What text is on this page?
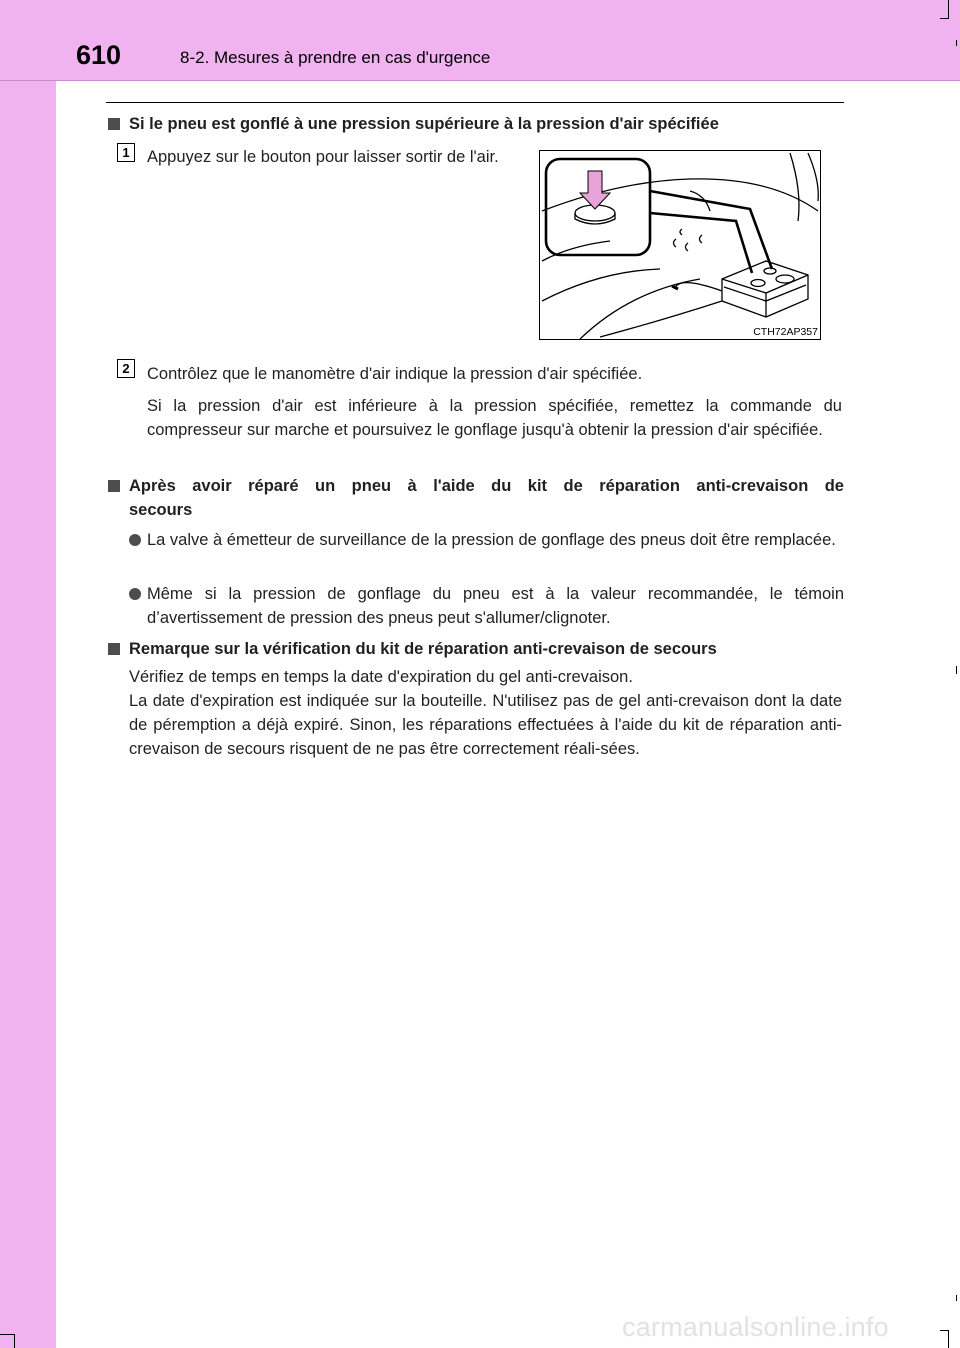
610	8-2. Mesures à prendre en cas d'urgence
Si le pneu est gonflé à une pression supérieure à la pression d'air spécifiée
1	Appuyez sur le bouton pour laisser sortir de l'air.
CTH72AP357
2	Contrôlez que le manomètre d'air indique la pression d'air spécifiée.
Si la pression d'air est inférieure à la pression spécifiée, remettez la commande du compresseur sur marche et poursuivez le gonflage jusqu'à obtenir la pression d'air spécifiée.
Après avoir réparé un pneu à l'aide du kit de réparation anti-crevaison de secours
La valve à émetteur de surveillance de la pression de gonflage des pneus doit être remplacée.
Même si la pression de gonflage du pneu est à la valeur recommandée, le témoin d’avertissement de pression des pneus peut s'allumer/clignoter.
Remarque sur la vérification du kit de réparation anti-crevaison de secours
Vérifiez de temps en temps la date d'expiration du gel anti-crevaison.
La date d'expiration est indiquée sur la bouteille. N'utilisez pas de gel anti-crevaison dont la date de péremption a déjà expiré. Sinon, les réparations effectuées à l'aide du kit de réparation anti-crevaison de secours risquent de ne pas être correctement réali-sées.
carmanualsonline.info
